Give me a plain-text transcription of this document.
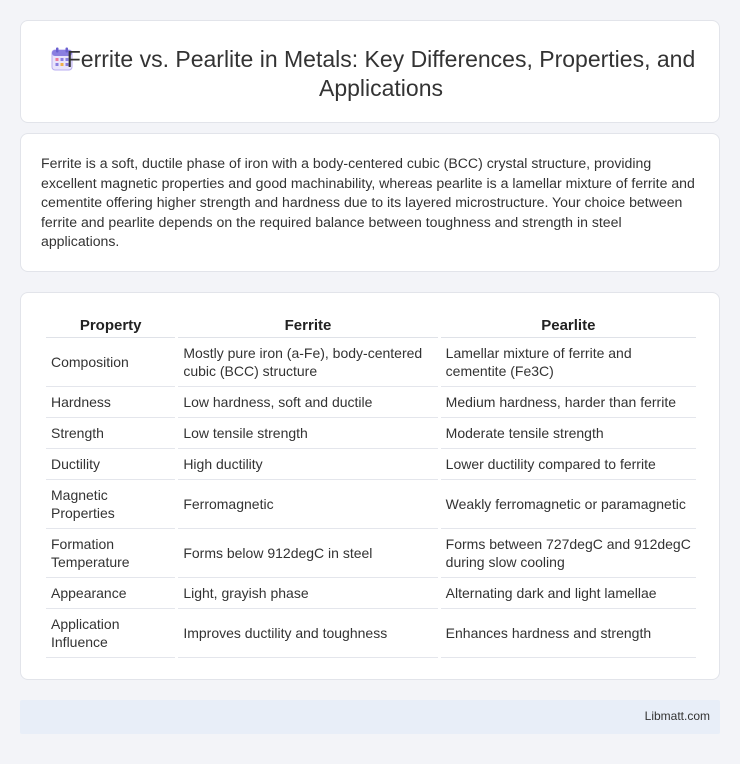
Ferrite vs. Pearlite in Metals: Key Differences, Properties, and Applications

Ferrite is a soft, ductile phase of iron with a body-centered cubic (BCC) crystal structure, providing excellent magnetic properties and good machinability, whereas pearlite is a lamellar mixture of ferrite and cementite offering higher strength and hardness due to its layered microstructure. Your choice between ferrite and pearlite depends on the required balance between toughness and strength in steel applications.

Property	Ferrite	Pearlite
Composition	Mostly pure iron (a-Fe), body-centered cubic (BCC) structure	Lamellar mixture of ferrite and cementite (Fe3C)
Hardness	Low hardness, soft and ductile	Medium hardness, harder than ferrite
Strength	Low tensile strength	Moderate tensile strength
Ductility	High ductility	Lower ductility compared to ferrite
Magnetic Properties	Ferromagnetic	Weakly ferromagnetic or paramagnetic
Formation Temperature	Forms below 912degC in steel	Forms between 727degC and 912degC during slow cooling
Appearance	Light, grayish phase	Alternating dark and light lamellae
Application Influence	Improves ductility and toughness	Enhances hardness and strength
Libmatt.com
